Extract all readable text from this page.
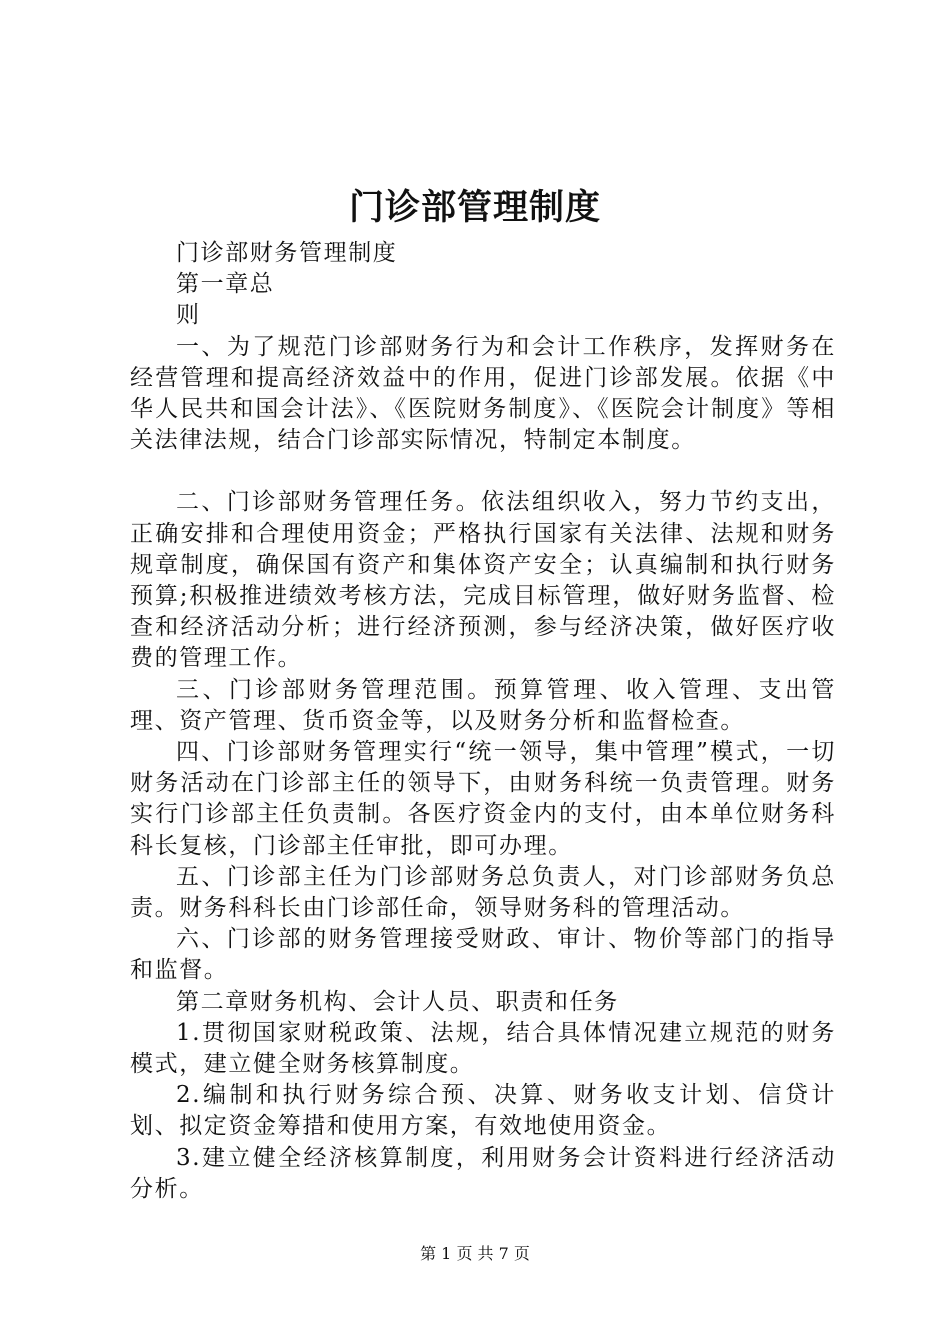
门诊部管理制度

门诊部财务管理制度

第一章总

则

一、为了规范门诊部财务行为和会计工作秩序，发挥财务在经营管理和提高经济效益中的作用，促进门诊部发展。依据《中华人民共和国会计法》、《医院财务制度》、《医院会计制度》等相关法律法规，结合门诊部实际情况，特制定本制度。

二、门诊部财务管理任务。依法组织收入，努力节约支出，正确安排和合理使用资金；严格执行国家有关法律、法规和财务规章制度，确保国有资产和集体资产安全；认真编制和执行财务预算;积极推进绩效考核方法，完成目标管理，做好财务监督、检查和经济活动分析；进行经济预测，参与经济决策，做好医疗收费的管理工作。

三、门诊部财务管理范围。预算管理、收入管理、支出管理、资产管理、货币资金等，以及财务分析和监督检查。

四、门诊部财务管理实行“统一领导，集中管理”模式，一切财务活动在门诊部主任的领导下，由财务科统一负责管理。财务实行门诊部主任负责制。各医疗资金内的支付，由本单位财务科科长复核，门诊部主任审批，即可办理。

五、门诊部主任为门诊部财务总负责人，对门诊部财务负总责。财务科科长由门诊部任命，领导财务科的管理活动。

六、门诊部的财务管理接受财政、审计、物价等部门的指导和监督。

第二章财务机构、会计人员、职责和任务

1.贯彻国家财税政策、法规，结合具体情况建立规范的财务模式，建立健全财务核算制度。

2.编制和执行财务综合预、决算、财务收支计划、信贷计划、拟定资金筹措和使用方案，有效地使用资金。

3.建立健全经济核算制度，利用财务会计资料进行经济活动分析。

第 1 页 共 7 页
